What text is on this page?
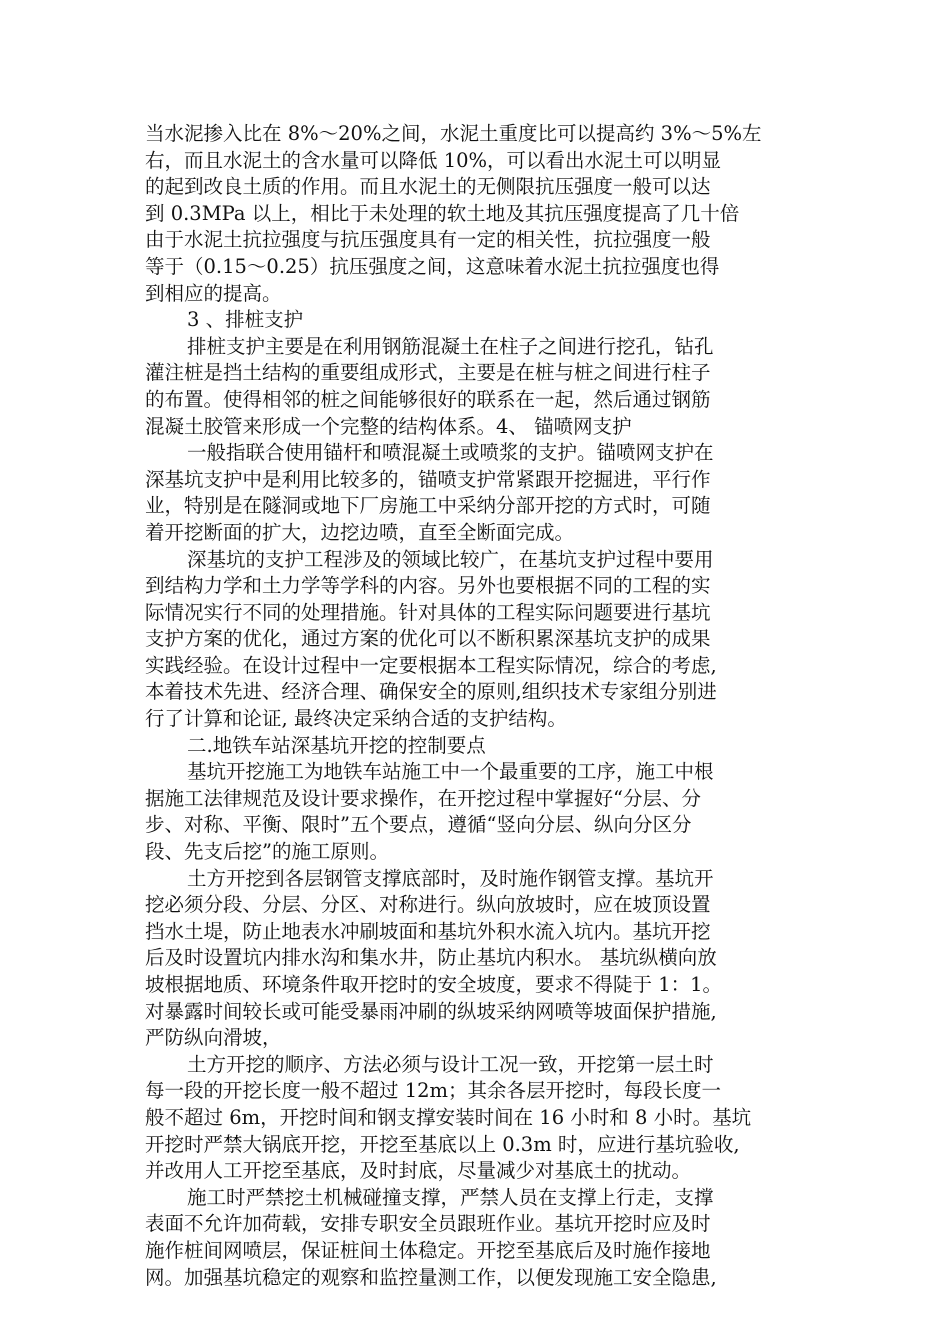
当水泥掺入比在 8%～20%之间，水泥土重度比可以提高约 3%～5%左
右，而且水泥土的含水量可以降低 10%，可以看出水泥土可以明显
的起到改良土质的作用。而且水泥土的无侧限抗压强度一般可以达
到 0.3MPa 以上，相比于未处理的软土地及其抗压强度提高了几十倍
由于水泥土抗拉强度与抗压强度具有一定的相关性，抗拉强度一般
等于（0.15～0.25）抗压强度之间，这意味着水泥土抗拉强度也得
到相应的提高。
3 、排桩支护
排桩支护主要是在利用钢筋混凝土在柱子之间进行挖孔，钻孔
灌注桩是挡土结构的重要组成形式，主要是在桩与桩之间进行柱子
的布置。使得相邻的桩之间能够很好的联系在一起，然后通过钢筋
混凝土胶管来形成一个完整的结构体系。4、 锚喷网支护
一般指联合使用锚杆和喷混凝土或喷浆的支护。锚喷网支护在
深基坑支护中是利用比较多的，锚喷支护常紧跟开挖掘进，平行作
业，特别是在隧洞或地下厂房施工中采纳分部开挖的方式时，可随
着开挖断面的扩大，边挖边喷，直至全断面完成。
深基坑的支护工程涉及的领域比较广，在基坑支护过程中要用
到结构力学和土力学等学科的内容。另外也要根据不同的工程的实
际情况实行不同的处理措施。针对具体的工程实际问题要进行基坑
支护方案的优化，通过方案的优化可以不断积累深基坑支护的成果
实践经验。在设计过程中一定要根据本工程实际情况，综合的考虑,
本着技术先进、经济合理、确保安全的原则,组织技术专家组分别进
行了计算和论证, 最终决定采纳合适的支护结构。
二.地铁车站深基坑开挖的控制要点
基坑开挖施工为地铁车站施工中一个最重要的工序，施工中根
据施工法律规范及设计要求操作，在开挖过程中掌握好“分层、分
步、对称、平衡、限时”五个要点，遵循“竖向分层、纵向分区分
段、先支后挖”的施工原则。
土方开挖到各层钢管支撑底部时，及时施作钢管支撑。基坑开
挖必须分段、分层、分区、对称进行。纵向放坡时，应在坡顶设置
挡水土堤，防止地表水冲刷坡面和基坑外积水流入坑内。基坑开挖
后及时设置坑内排水沟和集水井，防止基坑内积水。 基坑纵横向放
坡根据地质、环境条件取开挖时的安全坡度，要求不得陡于 1：1。
对暴露时间较长或可能受暴雨冲刷的纵坡采纳网喷等坡面保护措施,
严防纵向滑坡，
土方开挖的顺序、方法必须与设计工况一致，开挖第一层土时
每一段的开挖长度一般不超过 12m；其余各层开挖时，每段长度一
般不超过 6m，开挖时间和钢支撑安装时间在 16 小时和 8 小时。基坑
开挖时严禁大锅底开挖，开挖至基底以上 0.3m 时，应进行基坑验收,
并改用人工开挖至基底，及时封底，尽量减少对基底土的扰动。
施工时严禁挖土机械碰撞支撑，严禁人员在支撑上行走，支撑
表面不允许加荷载，安排专职安全员跟班作业。基坑开挖时应及时
施作桩间网喷层，保证桩间土体稳定。开挖至基底后及时施作接地
网。加强基坑稳定的观察和监控量测工作，以便发现施工安全隐患,
